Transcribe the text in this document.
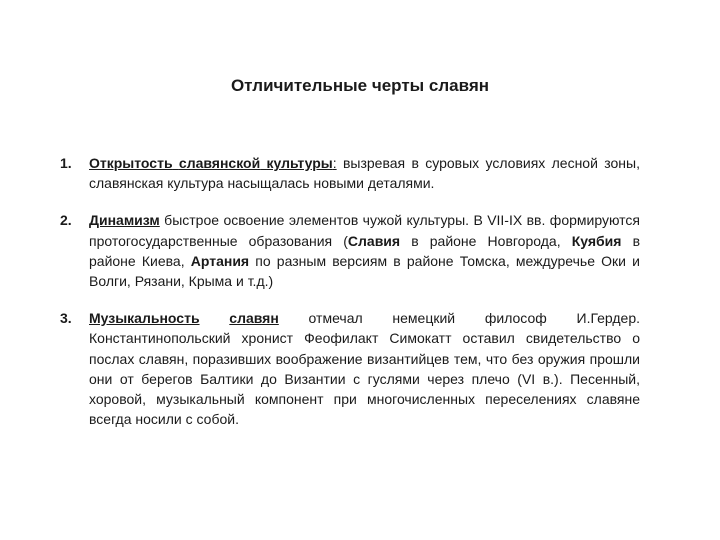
Отличительные черты славян
1.	Открытость славянской культуры: вызревая в суровых условиях лесной зоны, славянская культура насыщалась новыми деталями.
2.	Динамизм быстрое освоение элементов чужой культуры. В VII-IX вв. формируются протогосударственные образования (Славия в районе Новгорода, Куябия в районе Киева, Артания по разным версиям в районе Томска, междуречье Оки и Волги, Рязани, Крыма и т.д.)
3.	Музыкальность славян отмечал немецкий философ И.Гердер. Константинопольский хронист Феофилакт Симокатт оставил свидетельство о послах славян, поразивших воображение византийцев тем, что без оружия прошли они от берегов Балтики до Византии с гуслями через плечо (VI в.). Песенный, хоровой, музыкальный компонент при многочисленных переселениях славяне всегда носили с собой.
